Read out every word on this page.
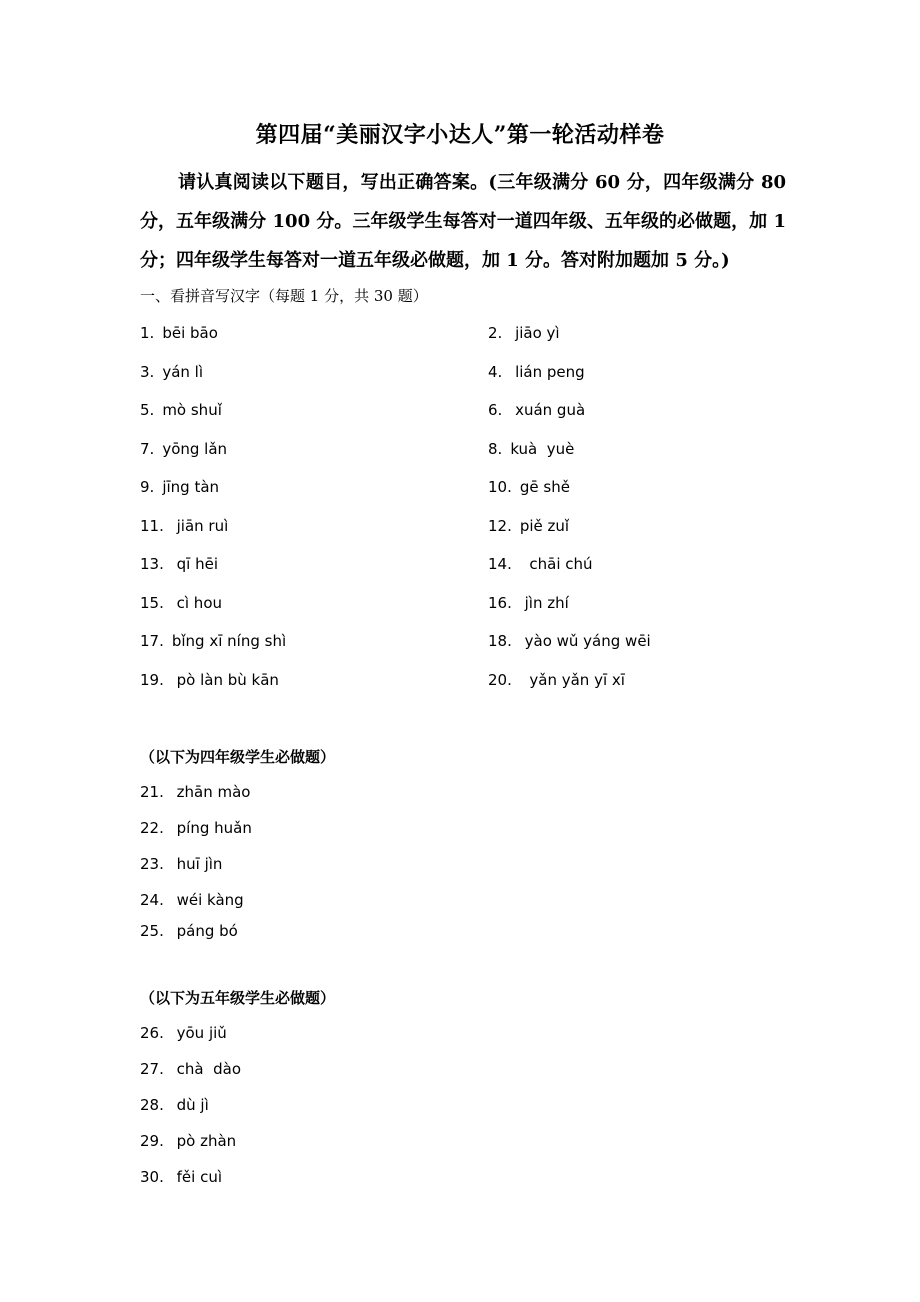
第四届“美丽汉字小达人”第一轮活动样卷
请认真阅读以下题目，写出正确答案。(三年级满分 60 分，四年级满分 80 分，五年级满分 100 分。三年级学生每答对一道四年级、五年级的必做题，加 1 分；四年级学生每答对一道五年级必做题，加 1 分。答对附加题加 5 分。)
一、看拼音写汉字（每题 1 分，共 30 题）
1. bēi bāo	2. jiāo yì
3. yán lì	4. lián peng
5. mò shuǐ	6. xuán guà
7. yōng lǎn	8. kuà  yuè
9. jīng tàn	10. gē shě
11. jiān ruì	12. piě zuǐ
13. qī hēi	14.  chāi chú
15. cì hou	16. jìn zhí
17. bǐng xī níng shì	18. yào wǔ yáng wēi
19. pò làn bù kān	20.  yǎn yǎn yī xī
（以下为四年级学生必做题）
21. zhān mào
22. píng huǎn
23. huī jìn
24. wéi kàng
25. páng bó
（以下为五年级学生必做题）
26. yōu jiǔ
27. chà  dào
28. dù jì
29. pò zhàn
30. fěi cuì
